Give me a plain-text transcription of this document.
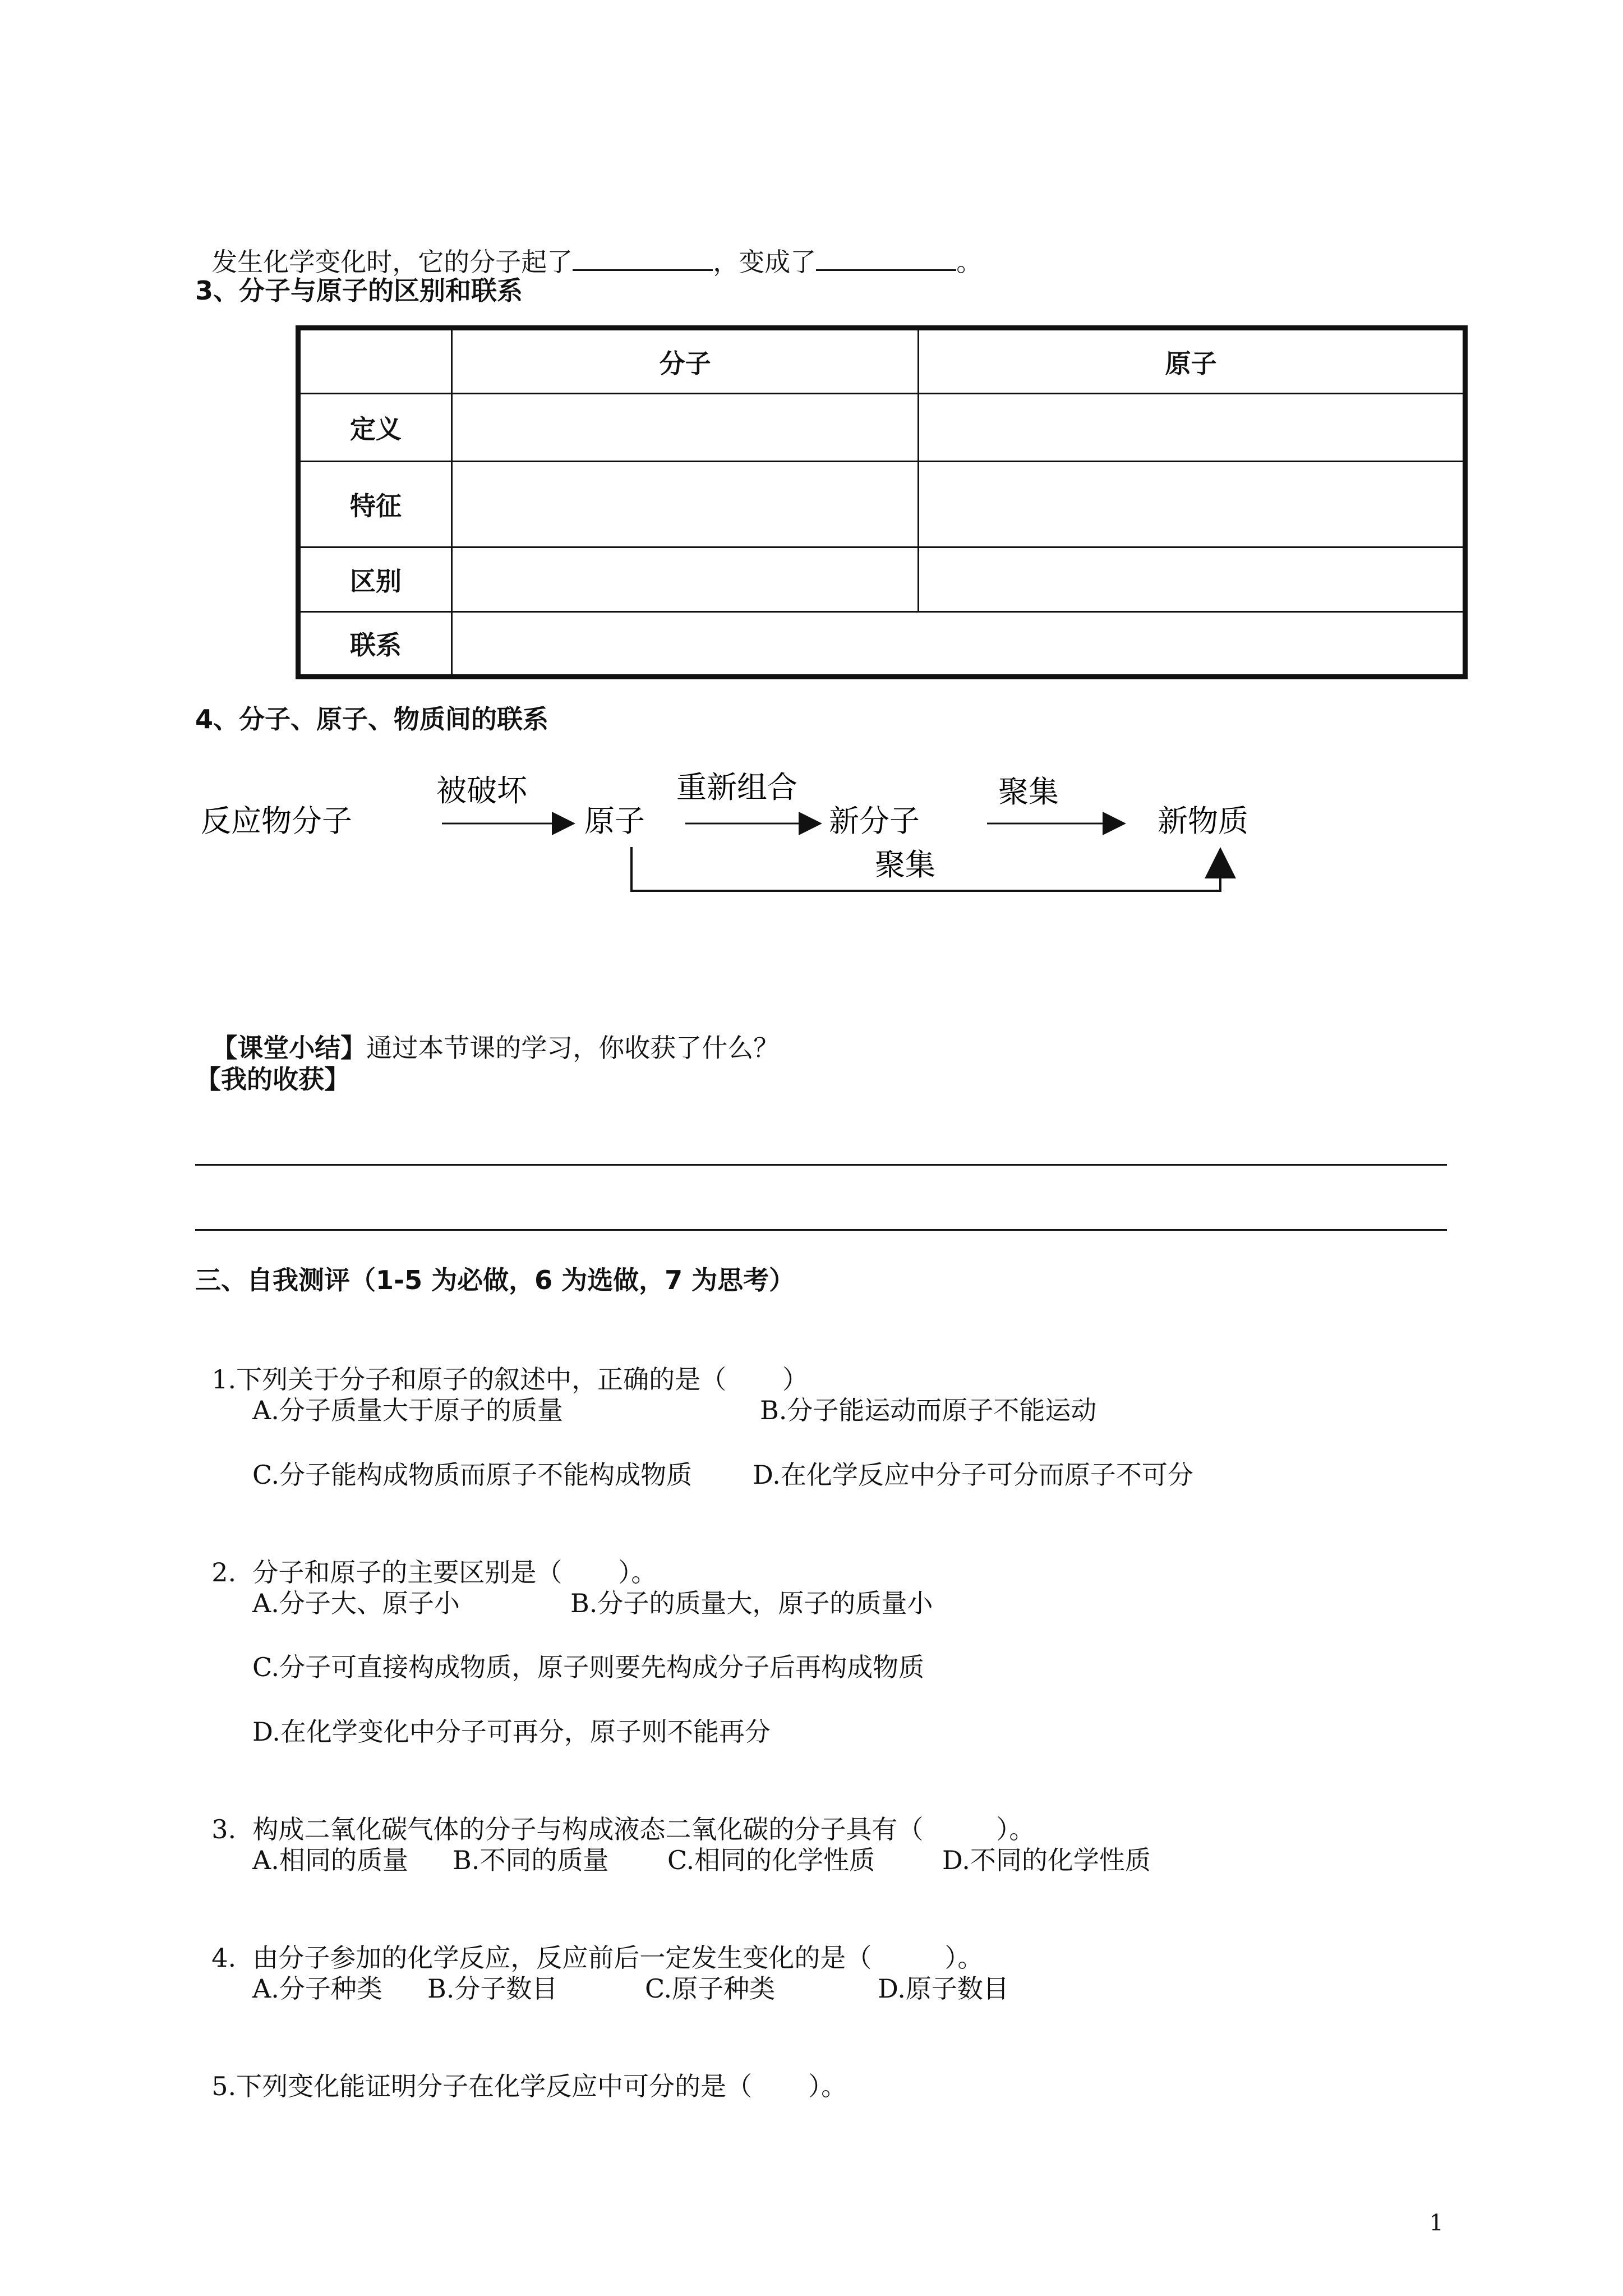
发生化学变化时，它的分子起了	，变成了	。

3、分子与原子的区别和联系
	分子	原子
定义		
特征		
区别		
联系		
4、分子、原子、物质间的联系
反应物分子
被破坏
原子
重新组合
新分子
聚集
新物质
聚集

【课堂小结】通过本节课的学习，你收获了什么？

【我的收获】
三、自我测评（1-5 为必做，6 为选做，7 为思考）

1.下列关于分子和原子的叙述中，正确的是（ ）

A.分子质量大于原子的质量	B.分子能运动而原子不能运动
C.分子能构成物质而原子不能构成物质 D.在化学反应中分子可分而原子不可分

2.  分子和原子的主要区别是（ ）。

A.分子大、原子小	B.分子的质量大，原子的质量小
C.分子可直接构成物质，原子则要先构成分子后再构成物质
D.在化学变化中分子可再分，原子则不能再分

3.  构成二氧化碳气体的分子与构成液态二氧化碳的分子具有（	）。

A.相同的质量 B.不同的质量 C.相同的化学性质	D.不同的化学性质

4.  由分子参加的化学反应，反应前后一定发生变化的是（	）。

A.分子种类 B.分子数目	C.原子种类	D.原子数目

5.下列变化能证明分子在化学反应中可分的是（ ）。

1
